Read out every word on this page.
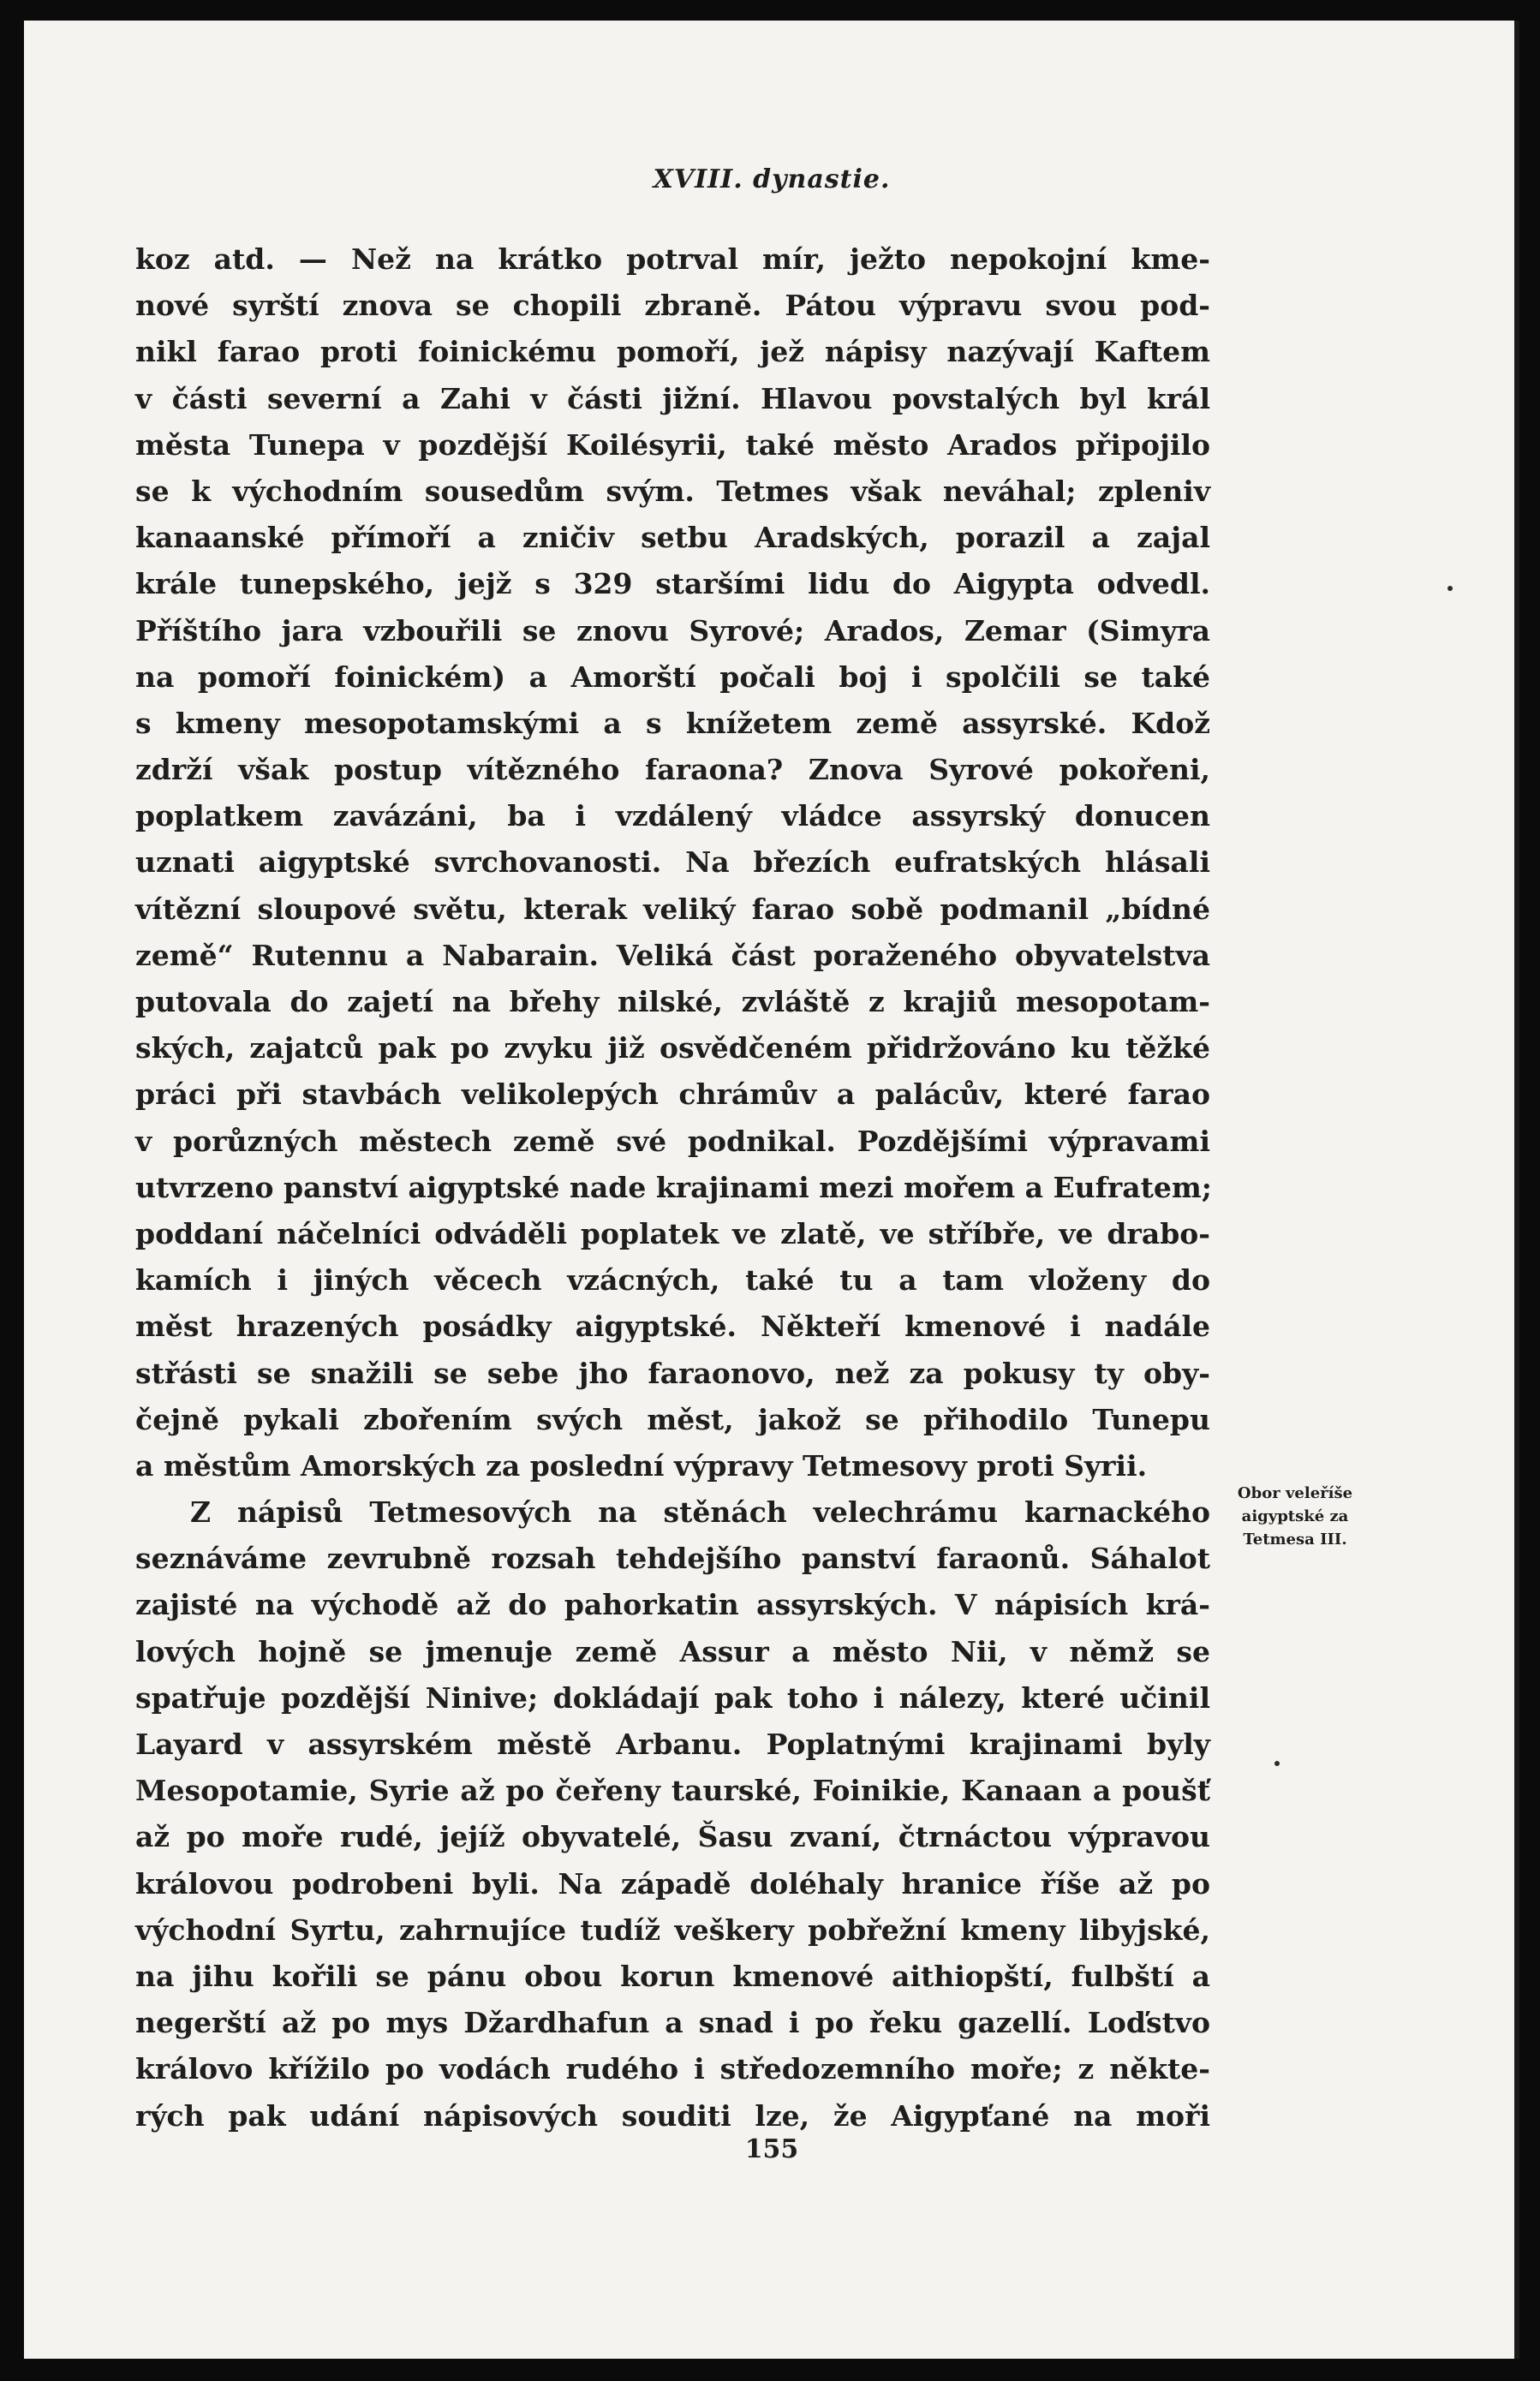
XVIII. dynastie.
koz atd. — Než na krátko potrval mír, ježto nepokojní kme-
nové syrští znova se chopili zbraně. Pátou výpravu svou pod-
nikl farao proti foinickému pomoří, jež nápisy nazývají Kaftem
v části severní a Zahi v části jižní. Hlavou povstalých byl král
města Tunepa v pozdější Koilésyrii, také město Arados připojilo
se k východním sousedům svým. Tetmes však neváhal; zpleniv
kanaanské přímoří a zničiv setbu Aradských, porazil a zajal
krále tunepského, jejž s 329 staršími lidu do Aigypta odvedl.
Příštího jara vzbouřili se znovu Syrové; Arados, Zemar (Simyra
na pomoří foinickém) a Amorští počali boj i spolčili se také
s kmeny mesopotamskými a s knížetem země assyrské. Kdož
zdrží však postup vítězného faraona? Znova Syrové pokořeni,
poplatkem zavázáni, ba i vzdálený vládce assyrský donucen
uznati aigyptské svrchovanosti. Na březích eufratských hlásali
vítězní sloupové světu, kterak veliký farao sobě podmanil „bídné
země“ Rutennu a Nabarain. Veliká část poraženého obyvatelstva
putovala do zajetí na břehy nilské, zvláště z krajiů mesopotam-
ských, zajatců pak po zvyku již osvědčeném přidržováno ku těžké
práci při stavbách velikolepých chrámův a palácův, které farao
v porůzných městech země své podnikal. Pozdějšími výpravami
utvrzeno panství aigyptské nade krajinami mezi mořem a Eufratem;
poddaní náčelníci odváděli poplatek ve zlatě, ve stříbře, ve drabo-
kamích i jiných věcech vzácných, také tu a tam vloženy do
měst hrazených posádky aigyptské. Někteří kmenové i nadále
střásti se snažili se sebe jho faraonovo, než za pokusy ty oby-
čejně pykali zbořením svých měst, jakož se přihodilo Tunepu
a městům Amorských za poslední výpravy Tetmesovy proti Syrii.
Z nápisů Tetmesových na stěnách velechrámu karnackého
seznáváme zevrubně rozsah tehdejšího panství faraonů. Sáhalot
zajisté na východě až do pahorkatin assyrských. V nápisích krá-
lových hojně se jmenuje země Assur a město Nii, v němž se
spatřuje pozdější Ninive; dokládají pak toho i nálezy, které učinil
Layard v assyrském městě Arbanu. Poplatnými krajinami byly
Mesopotamie, Syrie až po čeřeny taurské, Foinikie, Kanaan a poušť
až po moře rudé, jejíž obyvatelé, Šasu zvaní, čtrnáctou výpravou
královou podrobeni byli. Na západě doléhaly hranice říše až po
východní Syrtu, zahrnujíce tudíž veškery pobřežní kmeny libyjské,
na jihu kořili se pánu obou korun kmenové aithiopští, fulbští a
negerští až po mys Džardhafun a snad i po řeku gazellí. Loďstvo
královo křížilo po vodách rudého i středozemního moře; z někte-
rých pak udání nápisových souditi lze, že Aigypťané na moři
Obor veleříše
aigyptské za
Tetmesa III.
155
